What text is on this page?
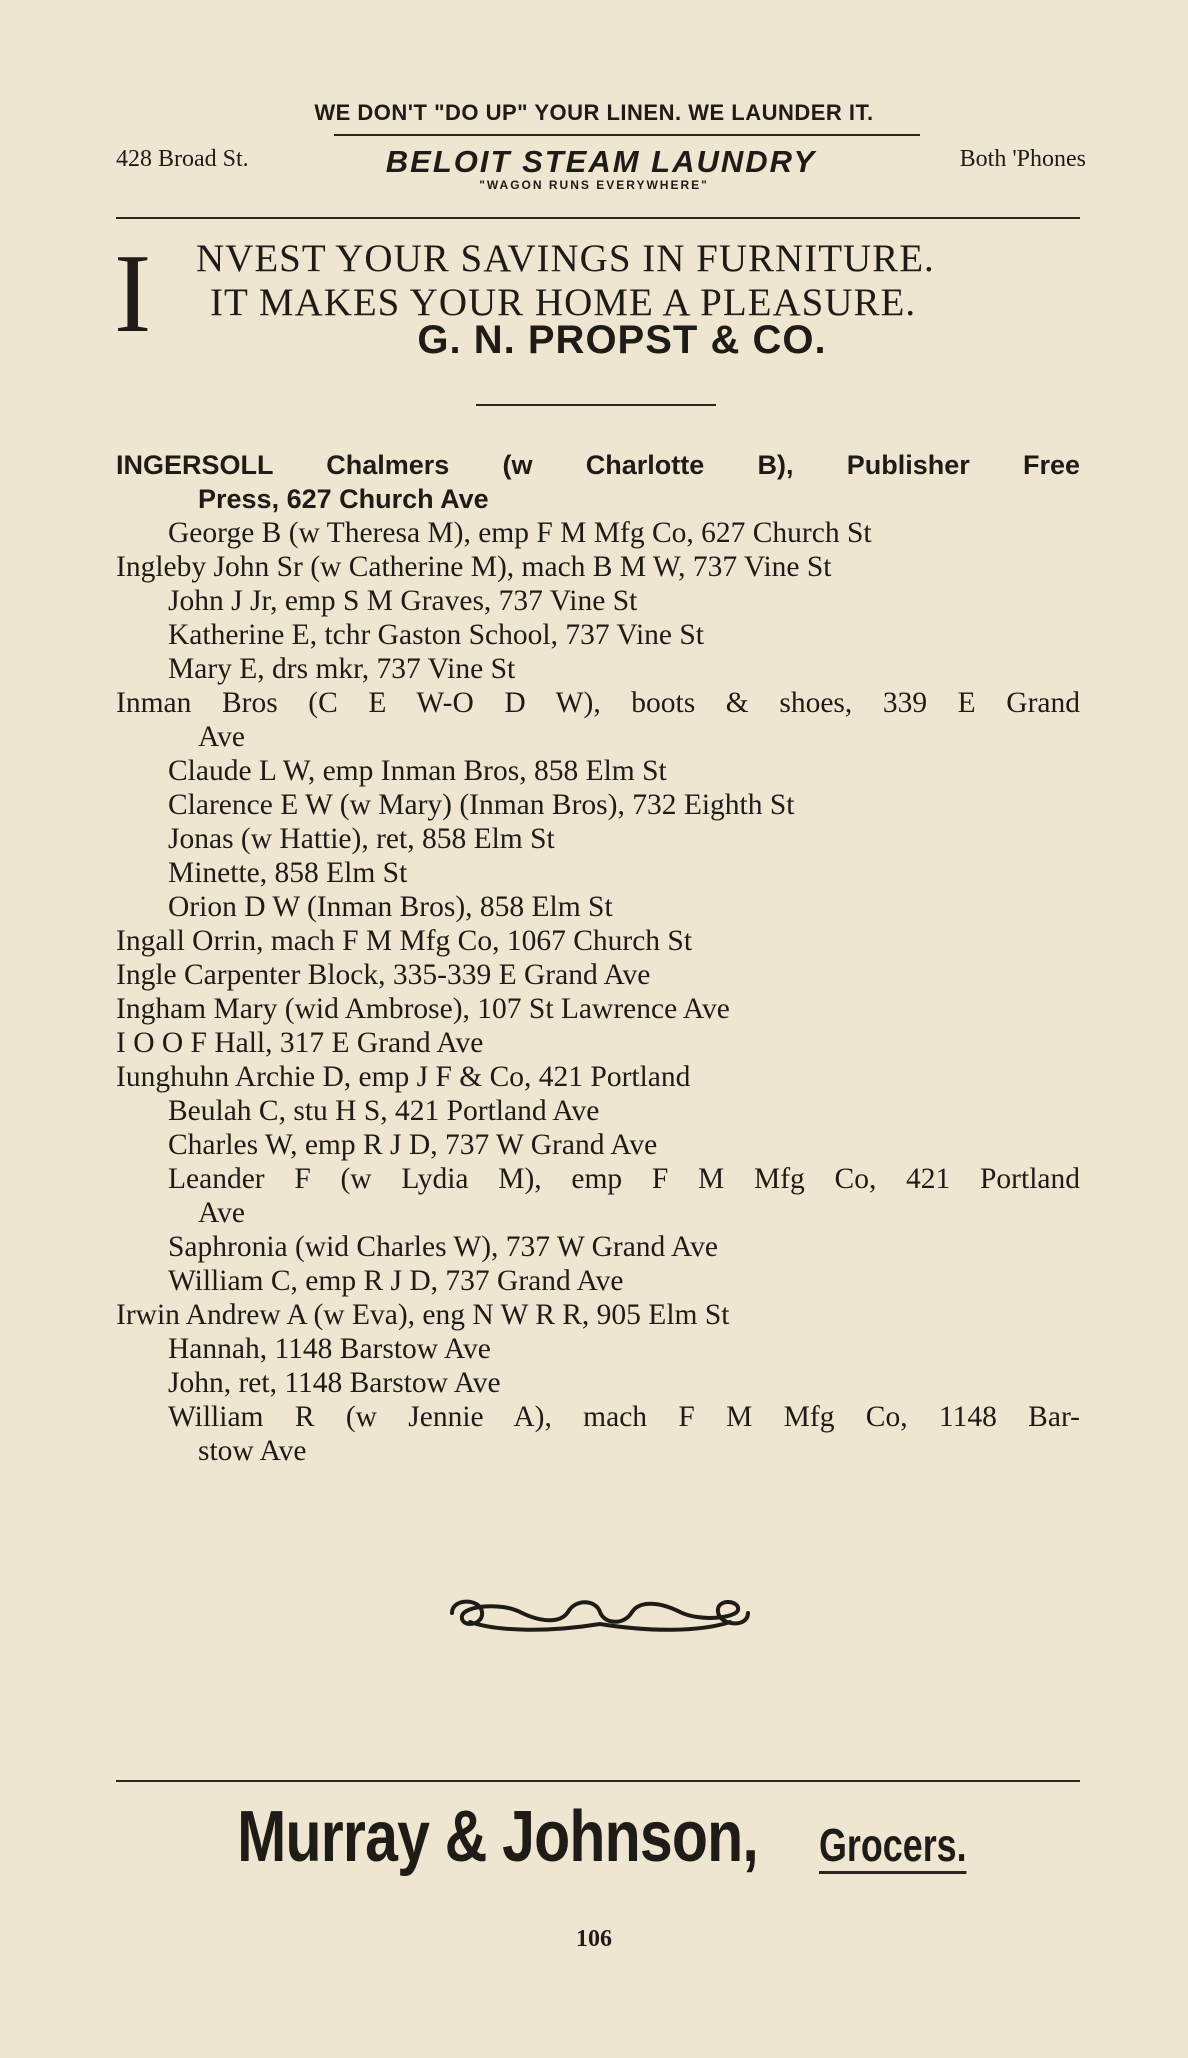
WE DON'T "DO UP" YOUR LINEN. WE LAUNDER IT.
428 Broad St.	BELOIT STEAM LAUNDRY	Both 'Phones
"WAGON RUNS EVERYWHERE"
I NVEST YOUR SAVINGS IN FURNITURE.
IT MAKES YOUR HOME A PLEASURE.
G. N. PROPST & CO.
INGERSOLL Chalmers (w Charlotte B), Publisher Free
Press, 627 Church Ave
George B (w Theresa M), emp F M Mfg Co, 627 Church St
Ingleby John Sr (w Catherine M), mach B M W, 737 Vine St
John J Jr, emp S M Graves, 737 Vine St
Katherine E, tchr Gaston School, 737 Vine St
Mary E, drs mkr, 737 Vine St
Inman Bros (C E W-O D W), boots & shoes, 339 E Grand
Ave
Claude L W, emp Inman Bros, 858 Elm St
Clarence E W (w Mary) (Inman Bros), 732 Eighth St
Jonas (w Hattie), ret, 858 Elm St
Minette, 858 Elm St
Orion D W (Inman Bros), 858 Elm St
Ingall Orrin, mach F M Mfg Co, 1067 Church St
Ingle Carpenter Block, 335-339 E Grand Ave
Ingham Mary (wid Ambrose), 107 St Lawrence Ave
I O O F Hall, 317 E Grand Ave
Iunghuhn Archie D, emp J F & Co, 421 Portland
Beulah C, stu H S, 421 Portland Ave
Charles W, emp R J D, 737 W Grand Ave
Leander F (w Lydia M), emp F M Mfg Co, 421 Portland
Ave
Saphronia (wid Charles W), 737 W Grand Ave
William C, emp R J D, 737 Grand Ave
Irwin Andrew A (w Eva), eng N W R R, 905 Elm St
Hannah, 1148 Barstow Ave
John, ret, 1148 Barstow Ave
William R (w Jennie A), mach F M Mfg Co, 1148 Bar-
stow Ave
Murray & Johnson, Grocers.
106
